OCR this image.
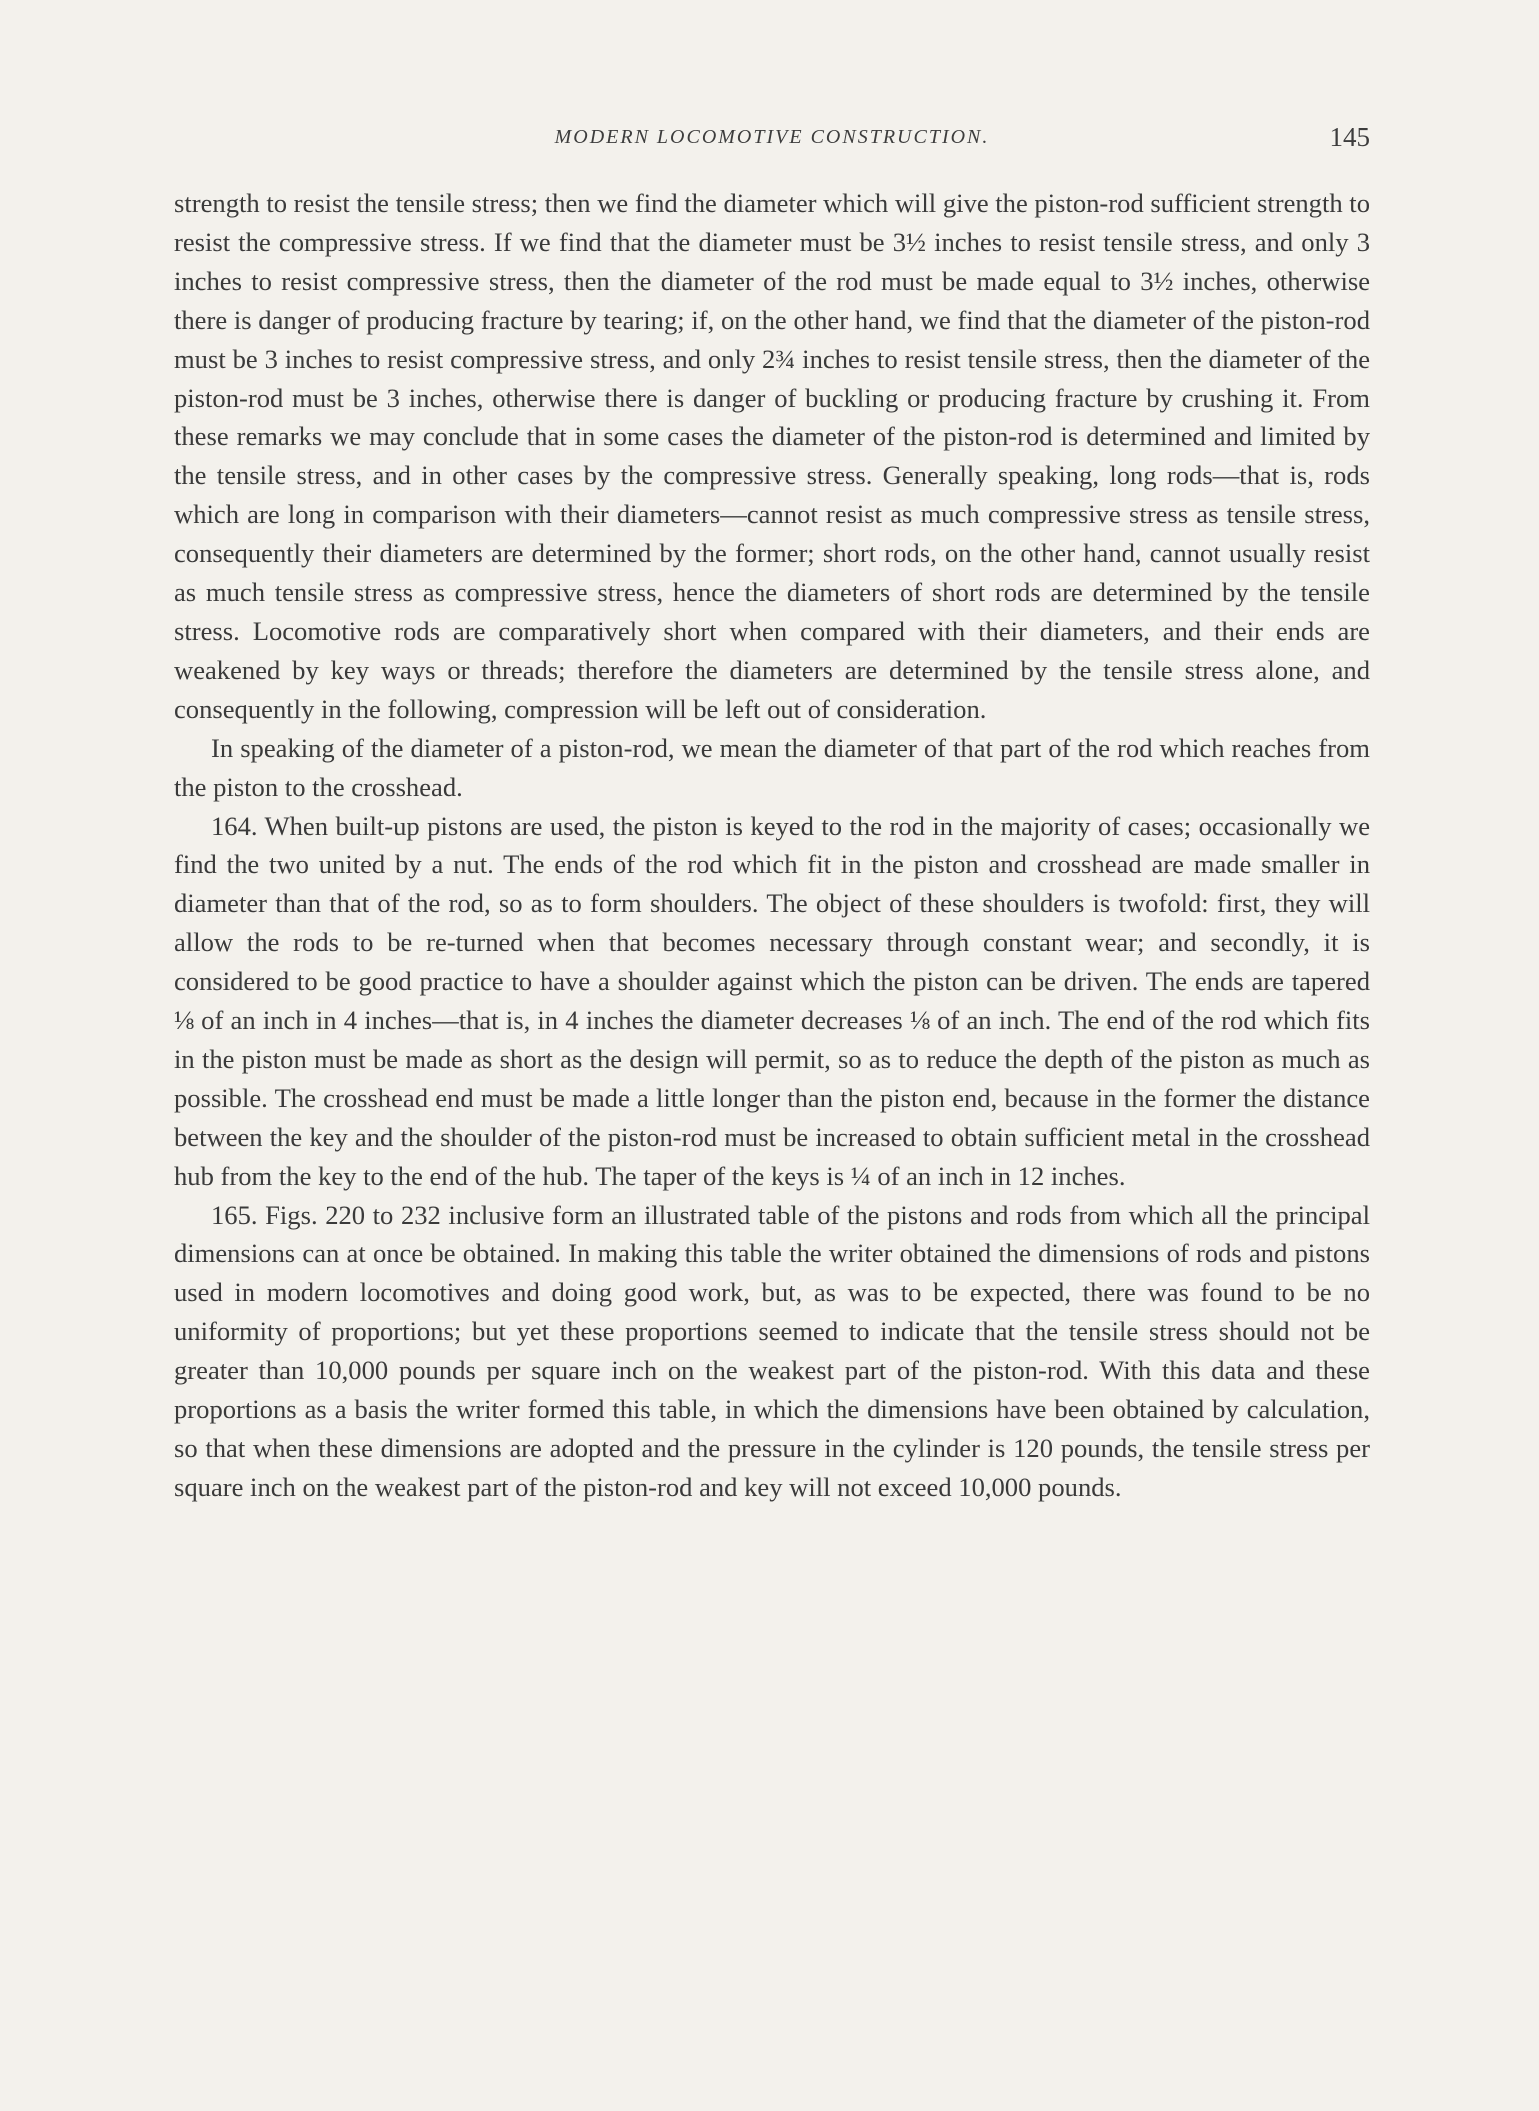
MODERN LOCOMOTIVE CONSTRUCTION.	145

strength to resist the tensile stress; then we find the diameter which will give the piston-rod sufficient strength to resist the compressive stress. If we find that the diameter must be 3½ inches to resist tensile stress, and only 3 inches to resist compressive stress, then the diameter of the rod must be made equal to 3½ inches, otherwise there is danger of producing fracture by tearing; if, on the other hand, we find that the diameter of the piston-rod must be 3 inches to resist compressive stress, and only 2¾ inches to resist tensile stress, then the diameter of the piston-rod must be 3 inches, otherwise there is danger of buckling or producing fracture by crushing it. From these remarks we may conclude that in some cases the diameter of the piston-rod is determined and limited by the tensile stress, and in other cases by the compressive stress. Generally speaking, long rods—that is, rods which are long in comparison with their diameters—cannot resist as much compressive stress as tensile stress, consequently their diameters are determined by the former; short rods, on the other hand, cannot usually resist as much tensile stress as compressive stress, hence the diameters of short rods are determined by the tensile stress. Locomotive rods are comparatively short when compared with their diameters, and their ends are weakened by key ways or threads; therefore the diameters are determined by the tensile stress alone, and consequently in the following, compression will be left out of consideration.

In speaking of the diameter of a piston-rod, we mean the diameter of that part of the rod which reaches from the piston to the crosshead.

164. When built-up pistons are used, the piston is keyed to the rod in the majority of cases; occasionally we find the two united by a nut. The ends of the rod which fit in the piston and crosshead are made smaller in diameter than that of the rod, so as to form shoulders. The object of these shoulders is twofold: first, they will allow the rods to be re-turned when that becomes necessary through constant wear; and secondly, it is considered to be good practice to have a shoulder against which the piston can be driven. The ends are tapered ⅛ of an inch in 4 inches—that is, in 4 inches the diameter decreases ⅛ of an inch. The end of the rod which fits in the piston must be made as short as the design will permit, so as to reduce the depth of the piston as much as possible. The crosshead end must be made a little longer than the piston end, because in the former the distance between the key and the shoulder of the piston-rod must be increased to obtain sufficient metal in the crosshead hub from the key to the end of the hub. The taper of the keys is ¼ of an inch in 12 inches.

165. Figs. 220 to 232 inclusive form an illustrated table of the pistons and rods from which all the principal dimensions can at once be obtained. In making this table the writer obtained the dimensions of rods and pistons used in modern locomotives and doing good work, but, as was to be expected, there was found to be no uniformity of proportions; but yet these proportions seemed to indicate that the tensile stress should not be greater than 10,000 pounds per square inch on the weakest part of the piston-rod. With this data and these proportions as a basis the writer formed this table, in which the dimensions have been obtained by calculation, so that when these dimensions are adopted and the pressure in the cylinder is 120 pounds, the tensile stress per square inch on the weakest part of the piston-rod and key will not exceed 10,000 pounds.
